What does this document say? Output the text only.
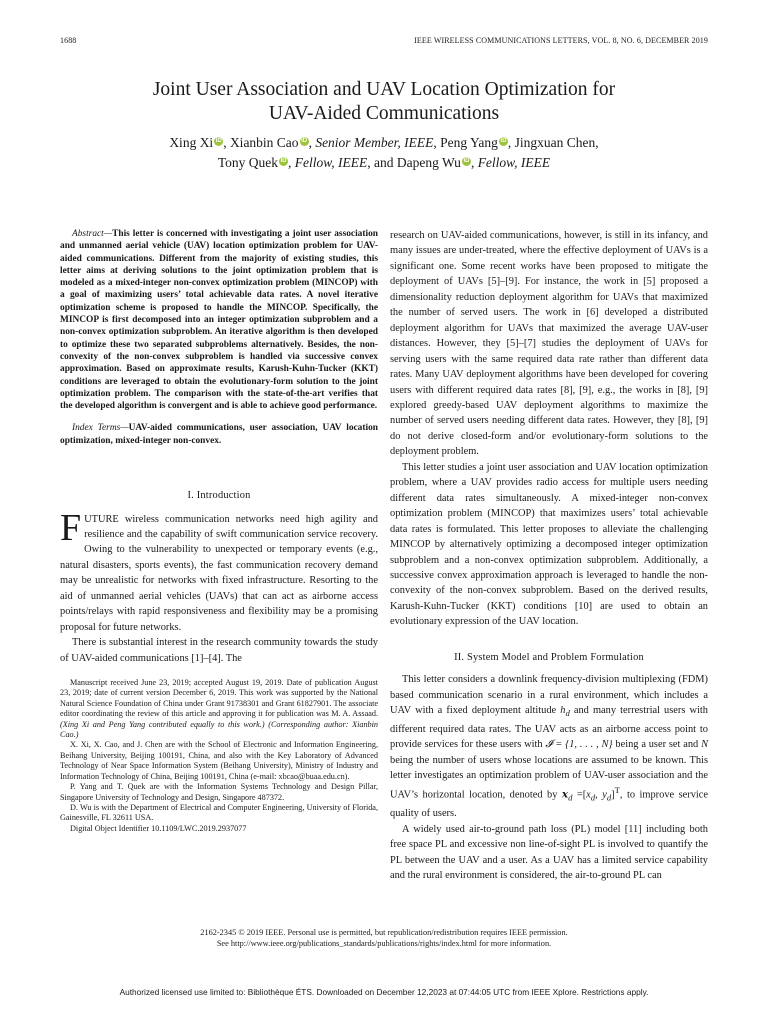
1688	IEEE WIRELESS COMMUNICATIONS LETTERS, VOL. 8, NO. 6, DECEMBER 2019
Joint User Association and UAV Location Optimization for
UAV-Aided Communications
Xing Xi iD , Xianbin Cao iD , Senior Member, IEEE, Peng Yang iD , Jingxuan Chen,
Tony Quek iD , Fellow, IEEE, and Dapeng Wu iD , Fellow, IEEE

Abstract—This letter is concerned with investigating a joint user association and unmanned aerial vehicle (UAV) location optimization problem for UAV-aided communications. Different from the majority of existing studies, this letter aims at deriving solutions to the joint optimization problem that is modeled as a mixed-integer non-convex optimization problem (MINCOP) with a goal of maximizing users’ total achievable data rates. A novel iterative optimization scheme is proposed to handle the MINCOP. Specifically, the MINCOP is first decomposed into an integer optimization subproblem and a non-convex optimization subproblem. An iterative algorithm is then developed to optimize these two separated subproblems alternatively. Besides, the non-convexity of the non-convex subproblem is handled via successive convex approximation. Based on approximate results, Karush-Kuhn-Tucker (KKT) conditions are leveraged to obtain the evolutionary-form solution to the joint optimization problem. The comparison with the state-of-the-art verifies that the developed algorithm is convergent and is able to achieve good performance.

Index Terms—UAV-aided communications, user association, UAV location optimization, mixed-integer non-convex.

I. Introduction

FUTURE wireless communication networks need high agility and resilience and the capability of swift communication service recovery. Owing to the vulnerability to unexpected or temporary events (e.g., natural disasters, sports events), the fast communication recovery demand may be unrealistic for networks with fixed infrastructure. Resorting to the aid of unmanned aerial vehicles (UAVs) that can act as airborne access points/relays with rapid responsiveness and flexibility may be a promising proposal for future networks.

There is substantial interest in the research community towards the study of UAV-aided communications [1]–[4]. The

Manuscript received June 23, 2019; accepted August 19, 2019. Date of publication August 23, 2019; date of current version December 6, 2019. This work was supported by the National Natural Science Foundation of China under Grant 91738301 and Grant 61827901. The associate editor coordinating the review of this article and approving it for publication was M. A. Assaad. (Xing Xi and Peng Yang contributed equally to this work.) (Corresponding author: Xianbin Cao.)

X. Xi, X. Cao, and J. Chen are with the School of Electronic and Information Engineering, Beihang University, Beijing 100191, China, and also with the Key Laboratory of Advanced Technology of Near Space Information System (Beihang University), Ministry of Industry and Information Technology of China, Beijing 100191, China (e-mail: xbcao@buaa.edu.cn).

P. Yang and T. Quek are with the Information Systems Technology and Design Pillar, Singapore University of Technology and Design, Singapore 487372.

D. Wu is with the Department of Electrical and Computer Engineering, University of Florida, Gainesville, FL 32611 USA.

Digital Object Identifier 10.1109/LWC.2019.2937077

research on UAV-aided communications, however, is still in its infancy, and many issues are under-treated, where the effective deployment of UAVs is a significant one. Some recent works have been proposed to mitigate the deployment of UAVs [5]–[9]. For instance, the work in [5] proposed a dimensionality reduction deployment algorithm for UAVs that maximized the number of served users. The work in [6] developed a distributed deployment algorithm for UAVs that maximized the average UAV-user distances. However, they [5]–[7] studies the deployment of UAVs for serving users with the same required data rate rather than different data rates. Many UAV deployment algorithms have been developed for covering users with different required data rates [8], [9], e.g., the works in [8], [9] explored greedy-based UAV deployment algorithms to maximize the number of served users needing different data rates. However, they [8], [9] do not derive closed-form and/or evolutionary-form solutions to the deployment problem.

This letter studies a joint user association and UAV location optimization problem, where a UAV provides radio access for multiple users needing different data rates simultaneously. A mixed-integer non-convex optimization problem (MINCOP) that maximizes users’ total achievable data rates is formulated. This letter proposes to alleviate the challenging MINCOP by alternatively optimizing a decomposed integer optimization subproblem and a non-convex optimization subproblem. Additionally, a successive convex approximation approach is leveraged to handle the non-convexity of the non-convex subproblem. Based on the derived results, Karush-Kuhn-Tucker (KKT) conditions [10] are used to obtain an evolutionary expression of the UAV location.

II. System Model and Problem Formulation

This letter considers a downlink frequency-division multiplexing (FDM) based communication scenario in a rural environment, which includes a UAV with a fixed deployment altitude $h_d$ and many terrestrial users with different required data rates. The UAV acts as an airborne access point to provide services for these users with 𝓘 = {1, . . . , N} being a user set and N being the number of users whose locations are assumed to be known. This letter investigates an optimization problem of UAV-user association and the UAV’s horizontal location, denoted by 𝒙$_d$ $=[x_d$, $y_d]^T$, to improve service quality of users.

A widely used air-to-ground path loss (PL) model [11] including both free space PL and excessive non line-of-sight PL is involved to quantify the PL between the UAV and a user. As a UAV has a limited service capability and the rural environment is considered, the air-to-ground PL can

2162-2345 © 2019 IEEE. Personal use is permitted, but republication/redistribution requires IEEE permission.
See http://www.ieee.org/publications_standards/publications/rights/index.html for more information.
Authorized licensed use limited to: Bibliothèque ÉTS. Downloaded on December 12,2023 at 07:44:05 UTC from IEEE Xplore. Restrictions apply.
